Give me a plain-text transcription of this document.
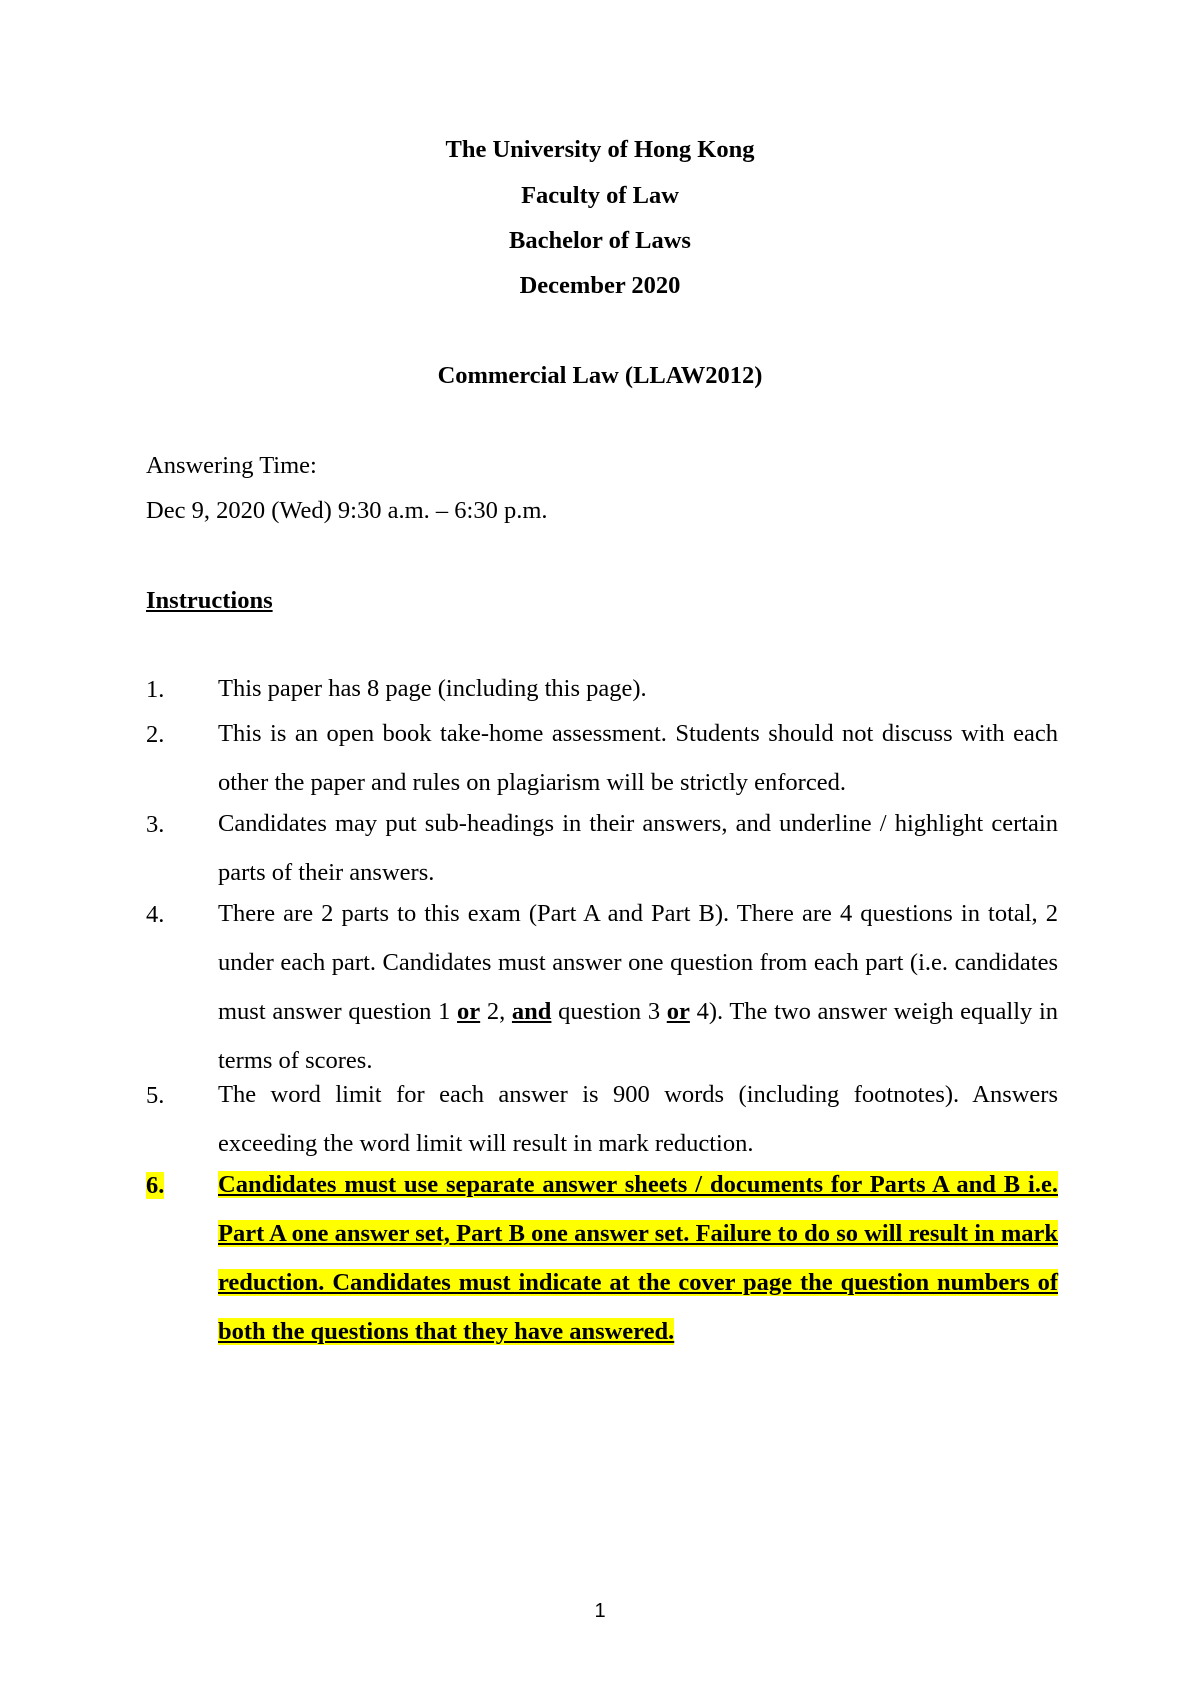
The University of Hong Kong
Faculty of Law
Bachelor of Laws
December 2020
Commercial Law (LLAW2012)
Answering Time:
Dec 9, 2020 (Wed) 9:30 a.m. – 6:30 p.m.
Instructions
1. This paper has 8 page (including this page).
2. This is an open book take-home assessment. Students should not discuss with each other the paper and rules on plagiarism will be strictly enforced.
3. Candidates may put sub-headings in their answers, and underline / highlight certain parts of their answers.
4. There are 2 parts to this exam (Part A and Part B). There are 4 questions in total, 2 under each part. Candidates must answer one question from each part (i.e. candidates must answer question 1 or 2, and question 3 or 4). The two answer weigh equally in terms of scores.
5. The word limit for each answer is 900 words (including footnotes). Answers exceeding the word limit will result in mark reduction.
6. Candidates must use separate answer sheets / documents for Parts A and B i.e. Part A one answer set, Part B one answer set. Failure to do so will result in mark reduction. Candidates must indicate at the cover page the question numbers of both the questions that they have answered.
1
